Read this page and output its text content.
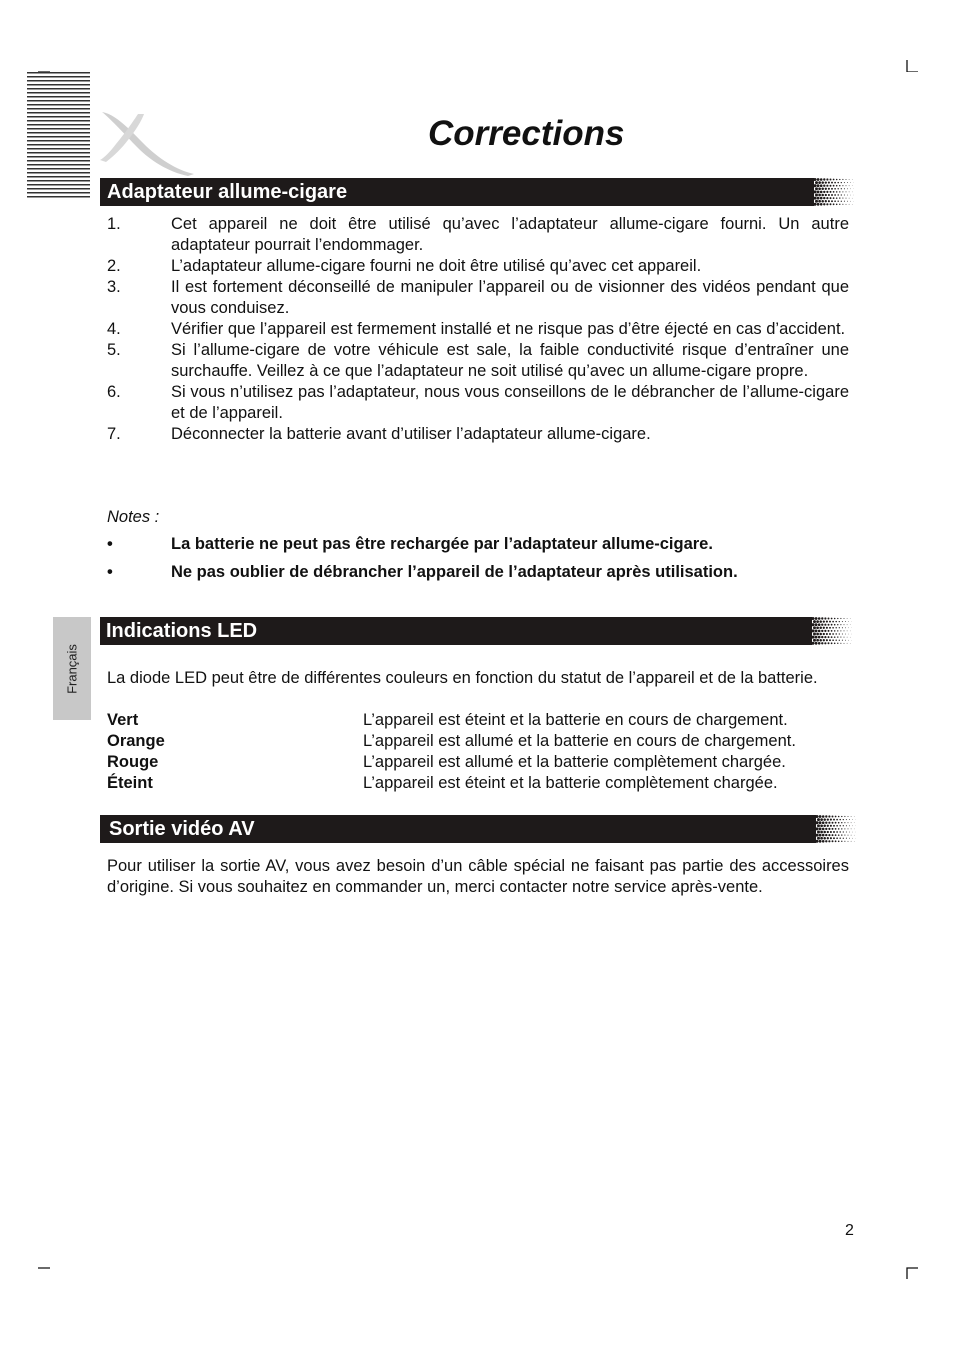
Corrections
Adaptateur allume-cigare
1.	Cet appareil ne doit être utilisé qu’avec l’adaptateur allume-cigare fourni. Un autre adaptateur pourrait l’endommager.
2.	L’adaptateur allume-cigare fourni ne doit être utilisé qu’avec cet appareil.
3.	Il est fortement déconseillé de manipuler l’appareil ou de visionner des vidéos pendant que vous conduisez.
4.	Vérifier que l’appareil est fermement installé et ne risque pas d’être éjecté en cas d’accident.
5.	Si l’allume-cigare de votre véhicule est sale, la faible conductivité risque d’entraîner une surchauffe. Veillez à ce que l’adaptateur ne soit utilisé qu’avec un allume-cigare propre.
6.	Si vous n’utilisez pas l’adaptateur, nous vous conseillons de le débrancher de l’allume-cigare et de l’appareil.
7.	Déconnecter la batterie avant d’utiliser l’adaptateur allume-cigare.
Notes :
•	La batterie ne peut pas être rechargée par l’adaptateur allume-cigare.
•	Ne pas oublier de débrancher l’appareil de l’adaptateur après utilisation.
Français
Indications LED
La diode LED peut être de différentes couleurs en fonction du statut de l’appareil et de la batterie.
Vert	L’appareil est éteint et la batterie en cours de chargement.
Orange	L’appareil est allumé et la batterie en cours de chargement.
Rouge	L’appareil est allumé et la batterie complètement chargée.
Éteint	L’appareil est éteint et la batterie complètement chargée.
Sortie vidéo AV
Pour utiliser la sortie AV, vous avez besoin d’un câble spécial ne faisant pas partie des accessoires d’origine. Si vous souhaitez en commander un, merci contacter notre service après-vente.
2
